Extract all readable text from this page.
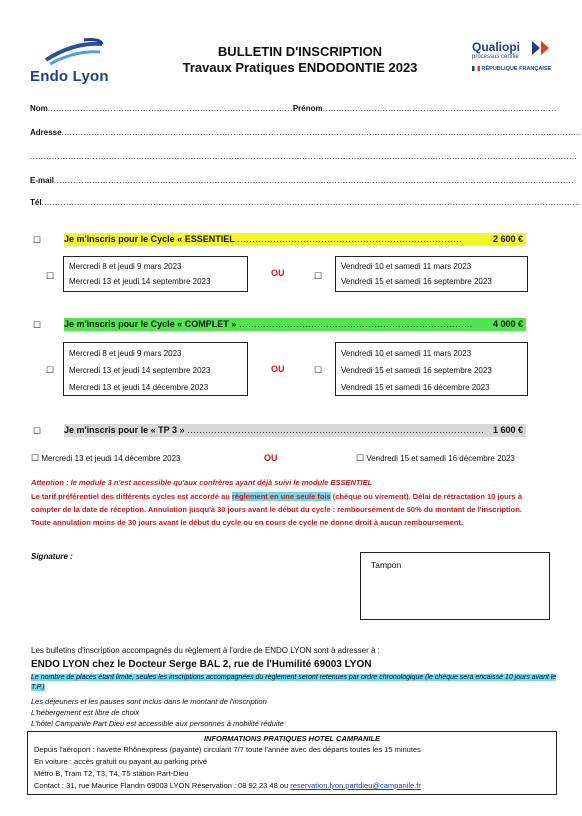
Endo Lyon
BULLETIN D'INSCRIPTION
Travaux Pratiques ENDODONTIE 2023
Qualiopi
processus certifié
RÉPUBLIQUE FRANÇAISE
Nom..........................................................................................Prénom......................................................................................
Adresse...............................................................................................................................................................................................
.........................................................................................................................................................................................................
E-mail...............................................................................................................................................................................................
Tél......................................................................................................................................................................................................
☐	Je m'inscris pour le Cycle « ESSENTIEL …………………………………………………………………	2 600 €
☐
Mercredi 8 et jeudi 9 mars 2023
Mercredi 13 et jeudi 14 septembre 2023
OU	☐
Vendredi 10 et samedi 11 mars 2023
Vendredi 15 et samedi 16 septembre 2023
☐	Je m'inscris pour le Cycle « COMPLET » ……………………………………………………………………	4 000 €
☐
Mercredi 8 et jeudi 9 mars 2023
Mercredi 13 et jeudi 14 septembre 2023
Mercredi 13 et jeudi 14 décembre 2023
OU	☐
Vendredi 10 et samedi 11 mars 2023
Vendredi 15 et samedi 16 septembre 2023
Vendredi 15 et samedi 16 décembre 2023
☐	Je m'inscris pour le « TP 3 » ……………………………………………………………………………………… 1 600 €
☐ Mercredi 13 et jeudi 14 décembre 2023	OU	☐ Vendredi 15 et samedi 16 décembre 2023
Attention : le module 3 n'est accessible qu'aux confrères ayant déjà suivi le module ESSENTIEL
Le tarif préférentiel des différents cycles est accordé au règlement en une seule fois (chèque ou virement). Délai de rétractation 10 jours à compter de la date de réception. Annulation jusqu'à 30 jours avant le début du cycle : remboursement de 50% du montant de l'inscription.
Toute annulation moins de 30 jours avant le début du cycle ou en cours de cycle ne donne droit à aucun remboursement.
Signature :
Tampon
Les bulletins d'inscription accompagnés du règlement à l'ordre de ENDO LYON sont à adresser à :
ENDO LYON chez le Docteur Serge BAL 2, rue de l'Humilité 69003 LYON
Le nombre de places étant limité, seules les inscriptions accompagnées du règlement seront retenues par ordre chronologique (le chèque sera encaissé 10 jours avant le T.P.)
Les déjeuners et les pauses sont inclus dans le montant de l'inscription
L'hébergement est libre de choix
L'hôtel Campanile Part Dieu est accessible aux personnes à mobilité réduite
INFORMATIONS PRATIQUES HOTEL CAMPANILE
Depuis l'aéroport : navette Rhônexpress (payante) circulant 7/7 toute l'année avec des départs toutes les 15 minutes
En voiture : accès gratuit ou payant au parking privé
Métro B, Tram T2, T3, T4, T5 station Part-Dieu
Contact : 31, rue Maurice Flandin 69003 LYON Réservation : 08 92 23 48 ou reservation.lyon.partdieu@campanile.fr
